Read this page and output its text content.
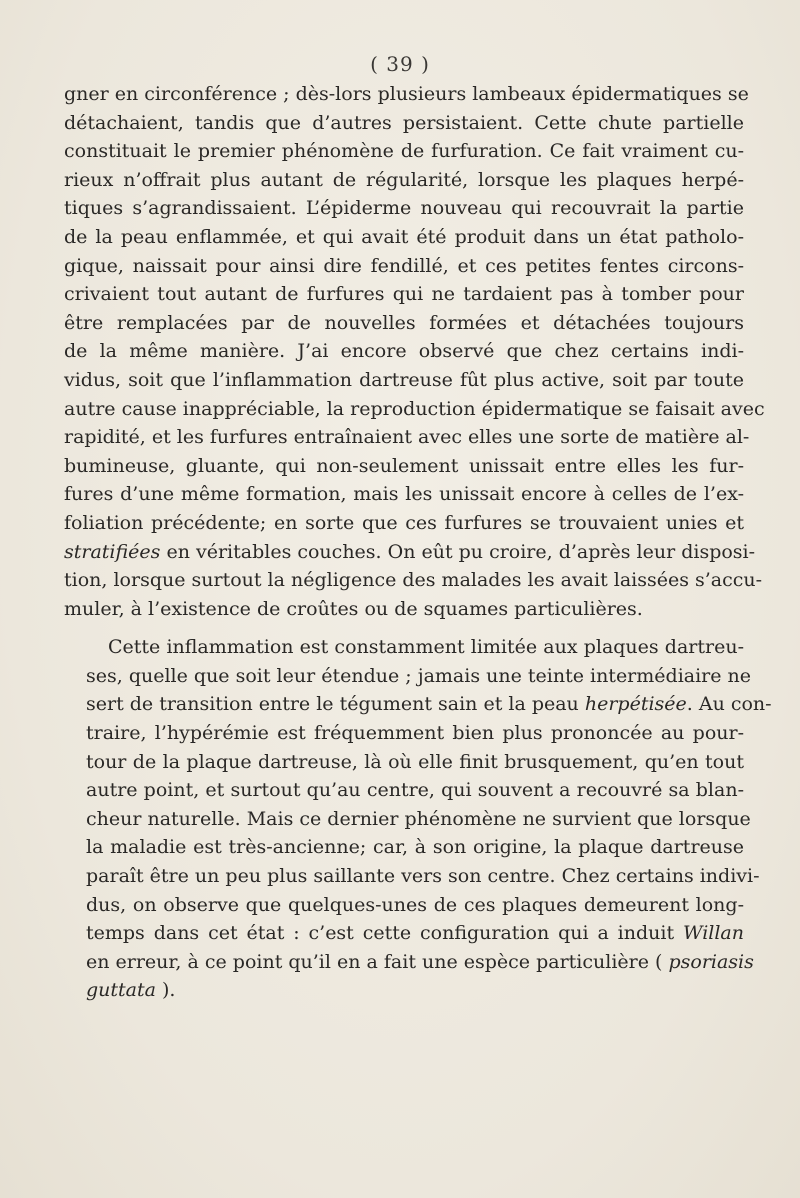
( 39 )

gner en circonférence ; dès-lors plusieurs lambeaux épidermatiques se
détachaient, tandis que d’autres persistaient. Cette chute partielle
constituait le premier phénomène de furfuration. Ce fait vraiment cu-
rieux n’offrait plus autant de régularité, lorsque les plaques herpé-
tiques s’agrandissaient. L’épiderme nouveau qui recouvrait la partie
de la peau enflammée, et qui avait été produit dans un état patholo-
gique, naissait pour ainsi dire fendillé, et ces petites fentes circons-
crivaient tout autant de furfures qui ne tardaient pas à tomber pour
être remplacées par de nouvelles formées et détachées toujours
de la même manière. J’ai encore observé que chez certains indi-
vidus, soit que l’inflammation dartreuse fût plus active, soit par toute
autre cause inappréciable, la reproduction épidermatique se faisait avec
rapidité, et les furfures entraînaient avec elles une sorte de matière al-
bumineuse, gluante, qui non-seulement unissait entre elles les fur-
fures d’une même formation, mais les unissait encore à celles de l’ex-
foliation précédente; en sorte que ces furfures se trouvaient unies et
stratifiées en véritables couches. On eût pu croire, d’après leur disposi-
tion, lorsque surtout la négligence des malades les avait laissées s’accu-
muler, à l’existence de croûtes ou de squames particulières.

Cette inflammation est constamment limitée aux plaques dartreu-
ses, quelle que soit leur étendue ; jamais une teinte intermédiaire ne
sert de transition entre le tégument sain et la peau herpétisée. Au con-
traire, l’hypérémie est fréquemment bien plus prononcée au pour-
tour de la plaque dartreuse, là où elle finit brusquement, qu’en tout
autre point, et surtout qu’au centre, qui souvent a recouvré sa blan-
cheur naturelle. Mais ce dernier phénomène ne survient que lorsque
la maladie est très-ancienne; car, à son origine, la plaque dartreuse
paraît être un peu plus saillante vers son centre. Chez certains indivi-
dus, on observe que quelques-unes de ces plaques demeurent long-
temps dans cet état : c’est cette configuration qui a induit Willan
en erreur, à ce point qu’il en a fait une espèce particulière ( psoriasis
guttata ).
